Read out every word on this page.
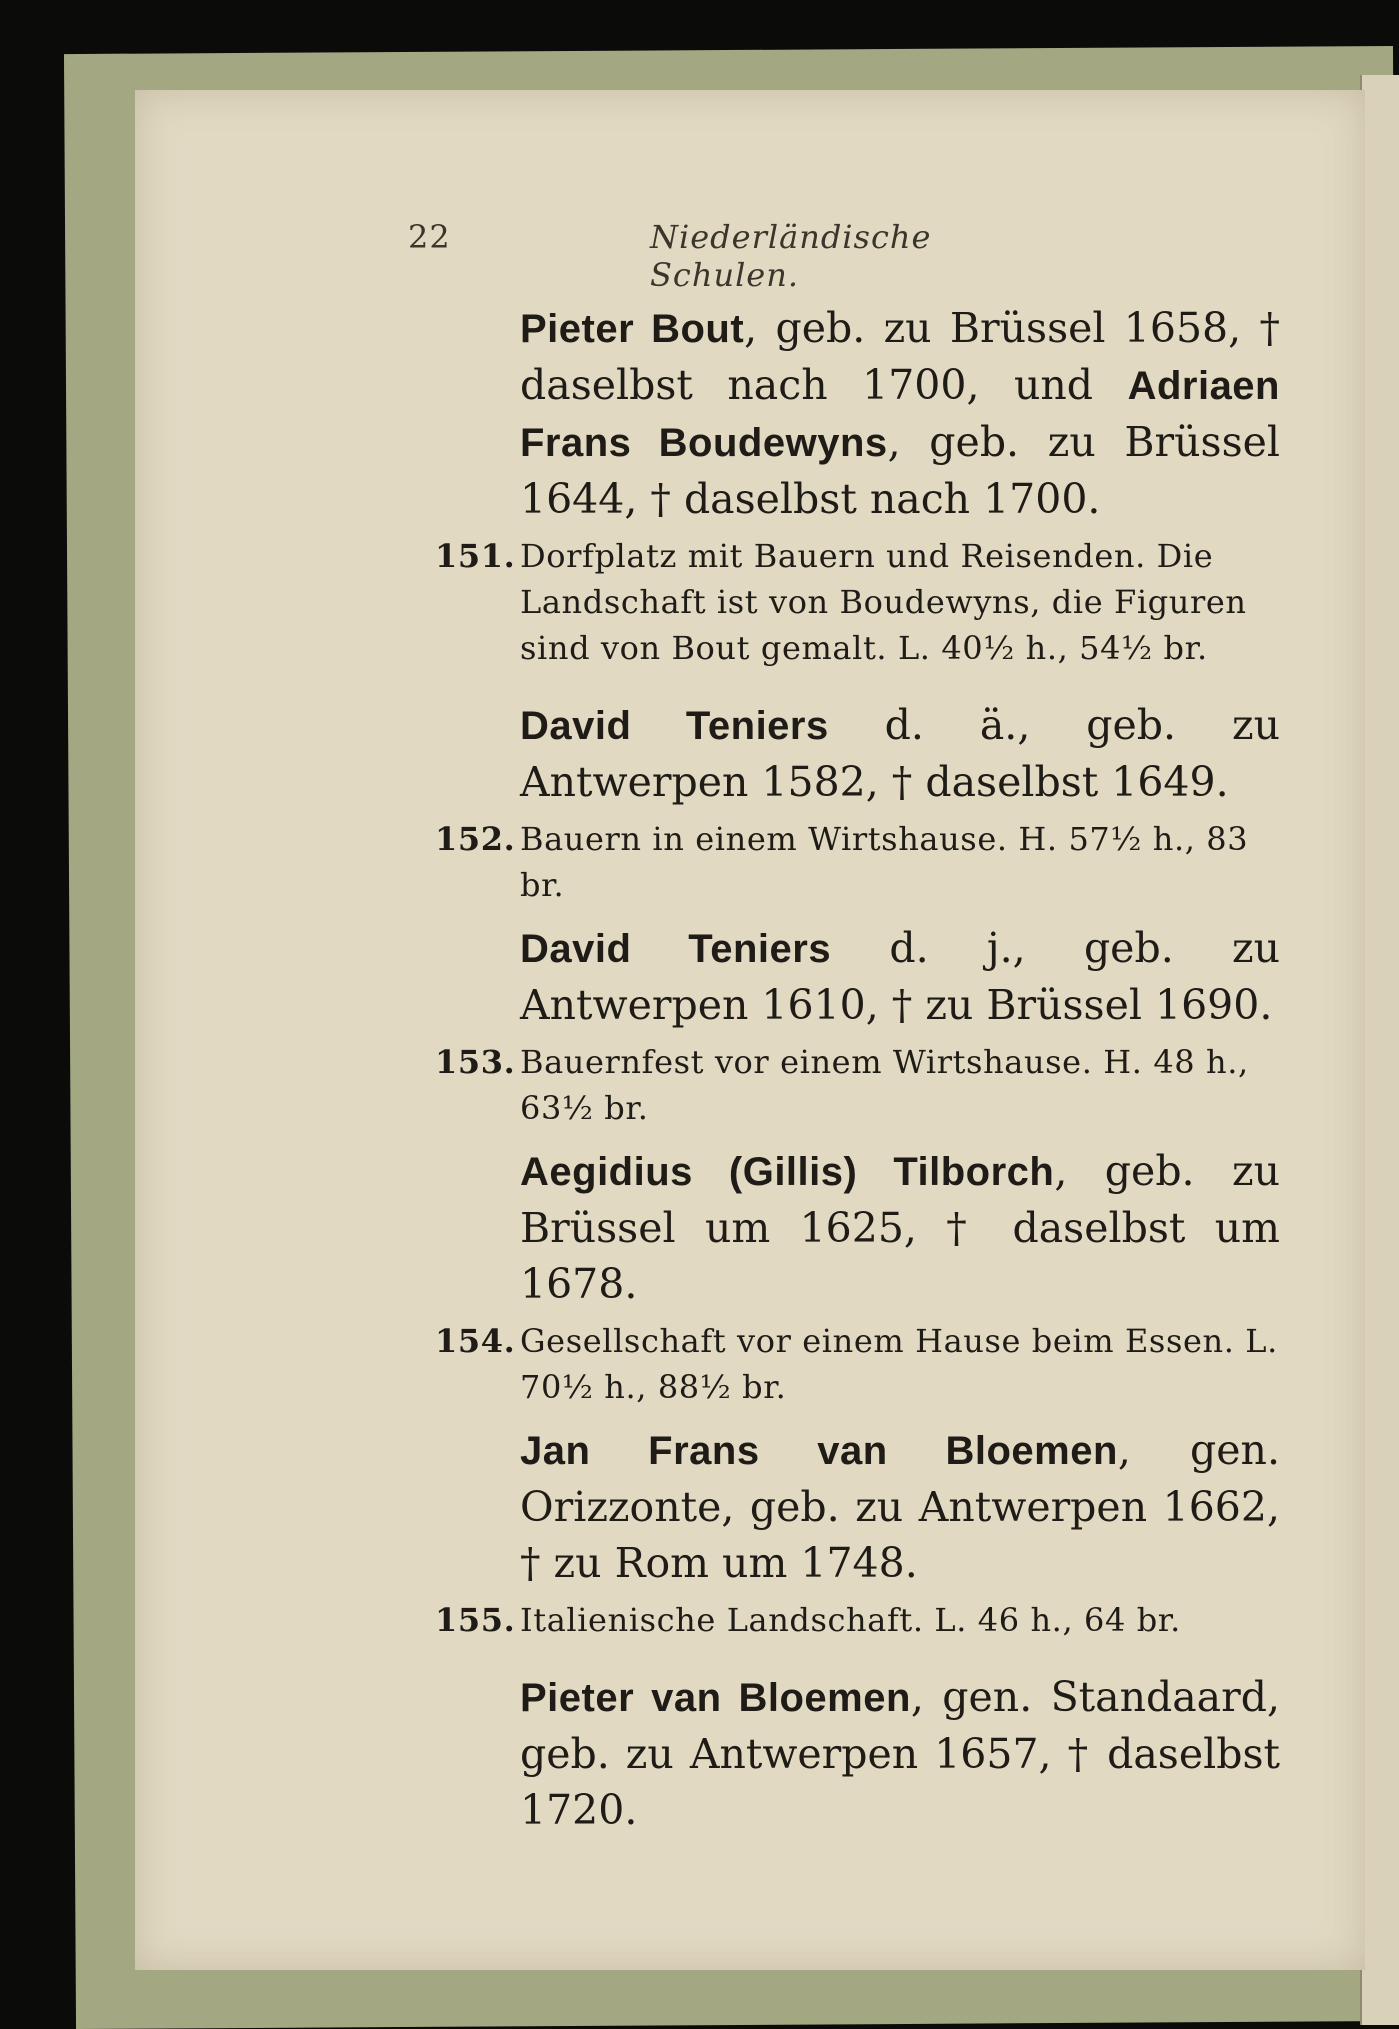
22	Niederländische Schulen.
Pieter Bout, geb. zu Brüssel 1658, † daselbst nach 1700, und Adriaen Frans Boudewyns, geb. zu Brüssel 1644, † daselbst nach 1700.
151. Dorfplatz mit Bauern und Reisenden. Die Landschaft ist von Boudewyns, die Figuren sind von Bout gemalt. L. 40½ h., 54½ br.
David Teniers d. ä., geb. zu Antwerpen 1582, † daselbst 1649.
152. Bauern in einem Wirtshause. H. 57½ h., 83 br.
David Teniers d. j., geb. zu Antwerpen 1610, † zu Brüssel 1690.
153. Bauernfest vor einem Wirtshause. H. 48 h., 63½ br.
Aegidius (Gillis) Tilborch, geb. zu Brüssel um 1625, † daselbst um 1678.
154. Gesellschaft vor einem Hause beim Essen. L. 70½ h., 88½ br.
Jan Frans van Bloemen, gen. Orizzonte, geb. zu Antwerpen 1662, † zu Rom um 1748.
155. Italienische Landschaft. L. 46 h., 64 br.
Pieter van Bloemen, gen. Standaard, geb. zu Antwerpen 1657, † daselbst 1720.
